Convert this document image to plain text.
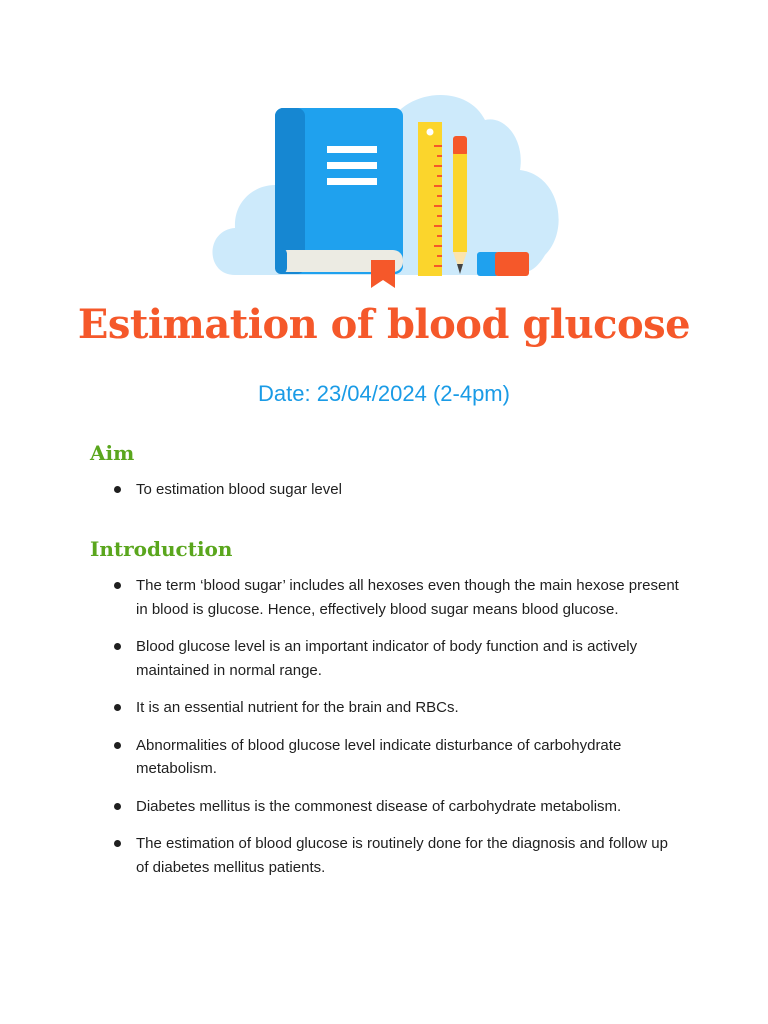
Estimation of blood glucose

Date: 23/04/2024 (2-4pm)

Aim
To estimation blood sugar level
Introduction
The term ‘blood sugar’ includes all hexoses even though the main hexose present in blood is glucose. Hence, effectively blood sugar means blood glucose.
Blood glucose level is an important indicator of body function and is actively maintained in normal range.
It is an essential nutrient for the brain and RBCs.
Abnormalities of blood glucose level indicate disturbance of carbohydrate metabolism.
Diabetes mellitus is the commonest disease of carbohydrate metabolism.
The estimation of blood glucose is routinely done for the diagnosis and follow up of diabetes mellitus patients.
